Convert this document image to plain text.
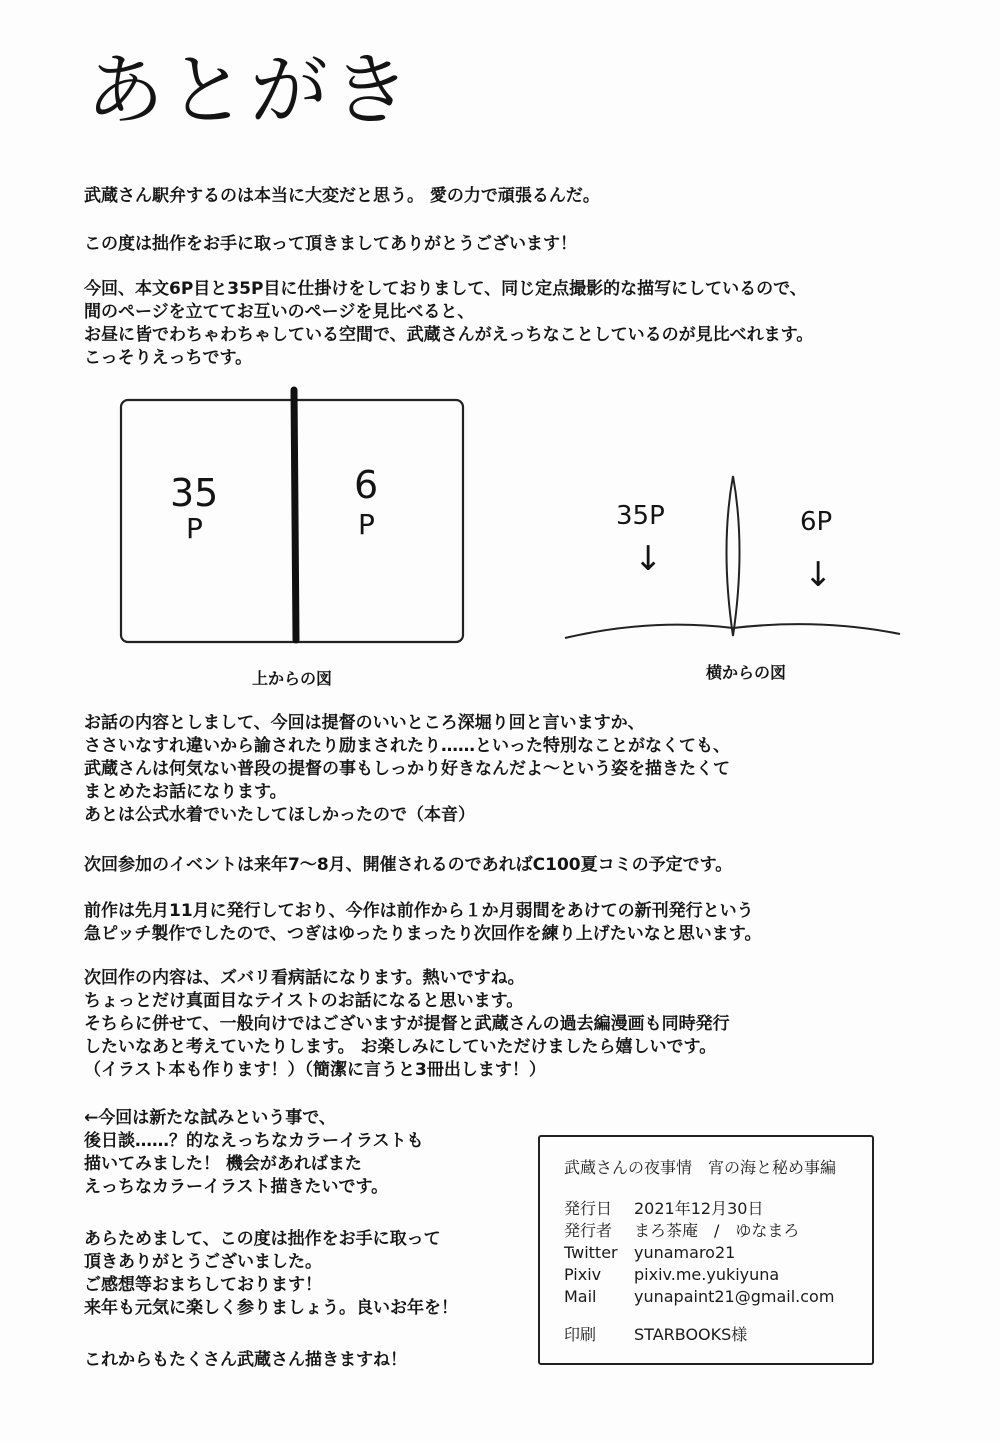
あとがき
武蔵さん駅弁するのは本当に大変だと思う。 愛の力で頑張るんだ。
この度は拙作をお手に取って頂きましてありがとうございます！
今回、本文6P目と35P目に仕掛けをしておりまして、同じ定点撮影的な描写にしているので、
間のページを立ててお互いのページを見比べると、
お昼に皆でわちゃわちゃしている空間で、武蔵さんがえっちなことしているのが見比べれます。
こっそりえっちです。
35
P
6
P
上からの図
35P
↓
6P
↓
横からの図
お話の内容としまして、今回は提督のいいところ深堀り回と言いますか、
ささいなすれ違いから諭されたり励まされたり……といった特別なことがなくても、
武蔵さんは何気ない普段の提督の事もしっかり好きなんだよ～という姿を描きたくて
まとめたお話になります。
あとは公式水着でいたしてほしかったので（本音）
次回参加のイベントは来年7～8月、開催されるのであればC100夏コミの予定です。
前作は先月11月に発行しており、今作は前作から１か月弱間をあけての新刊発行という
急ピッチ製作でしたので、つぎはゆったりまったり次回作を練り上げたいなと思います。
次回作の内容は、ズバリ看病話になります。熱いですね。
ちょっとだけ真面目なテイストのお話になると思います。
そちらに併せて、一般向けではございますが提督と武蔵さんの過去編漫画も同時発行
したいなあと考えていたりします。 お楽しみにしていただけましたら嬉しいです。
（イラスト本も作ります！）（簡潔に言うと3冊出します！）
←今回は新たな試みという事で、
後日談……？的なえっちなカラーイラストも
描いてみました！ 機会があればまた
えっちなカラーイラスト描きたいです。
あらためまして、この度は拙作をお手に取って
頂きありがとうございました。
ご感想等おまちしております！
来年も元気に楽しく参りましょう。良いお年を！
これからもたくさん武蔵さん描きますね！
武蔵さんの夜事情　宵の海と秘め事編
発行日 2021年12月30日
発行者 まろ茶庵　/　ゆなまろ
Twitter yunamaro21
Pixiv pixiv.me.yukiyuna
Mail yunapaint21@gmail.com
印刷 STARBOOKS様
